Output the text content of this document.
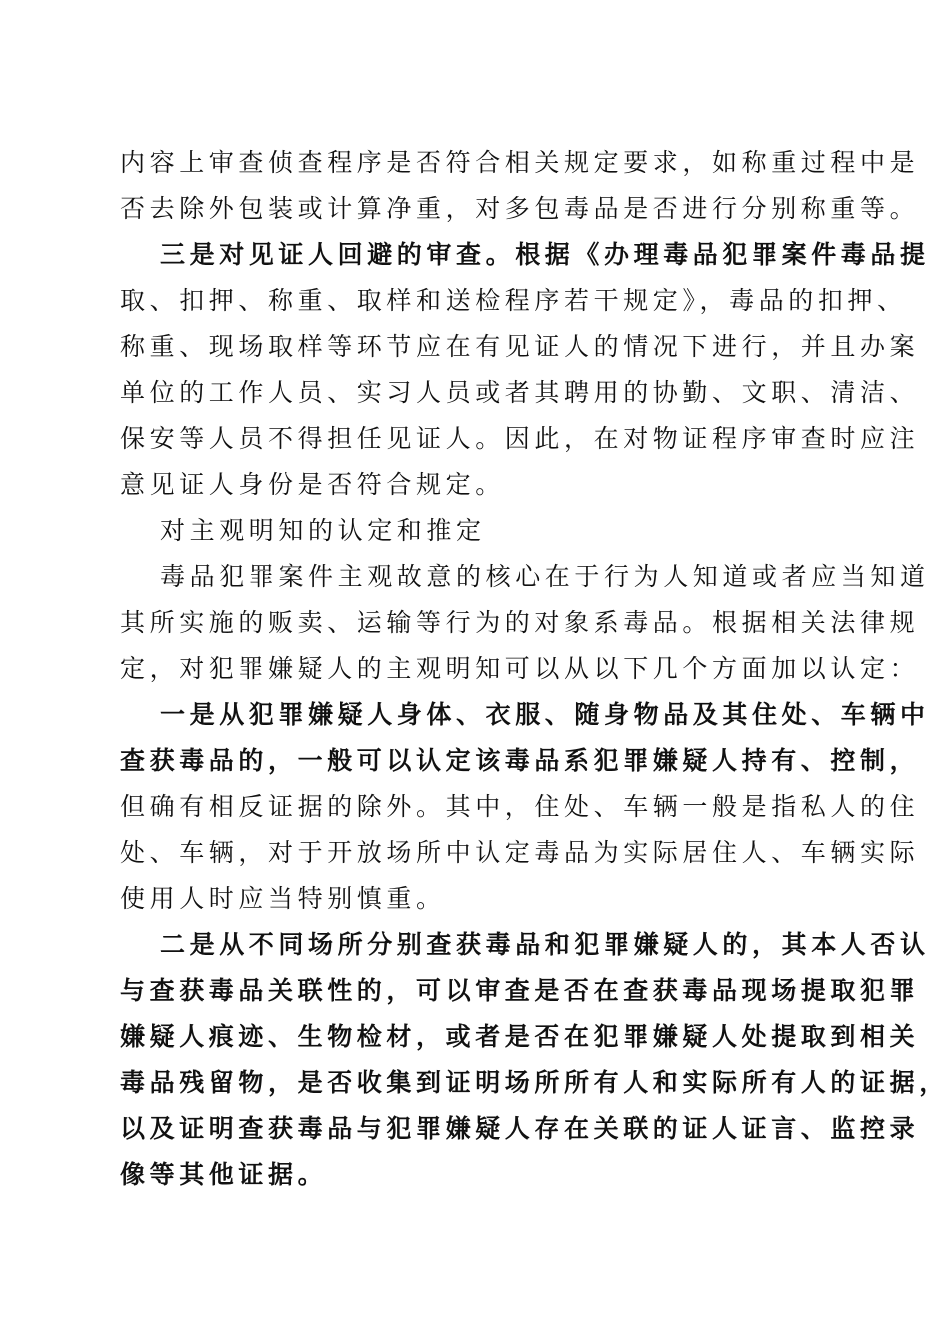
内容上审查侦查程序是否符合相关规定要求，如称重过程中是
否去除外包装或计算净重，对多包毒品是否进行分别称重等。
三是对见证人回避的审查。根据《办理毒品犯罪案件毒品提
取、扣押、称重、取样和送检程序若干规定》，毒品的扣押、
称重、现场取样等环节应在有见证人的情况下进行，并且办案
单位的工作人员、实习人员或者其聘用的协勤、文职、清洁、
保安等人员不得担任见证人。因此，在对物证程序审查时应注
意见证人身份是否符合规定。
对主观明知的认定和推定
毒品犯罪案件主观故意的核心在于行为人知道或者应当知道
其所实施的贩卖、运输等行为的对象系毒品。根据相关法律规
定，对犯罪嫌疑人的主观明知可以从以下几个方面加以认定：
一是从犯罪嫌疑人身体、衣服、随身物品及其住处、车辆中
查获毒品的，一般可以认定该毒品系犯罪嫌疑人持有、控制，
但确有相反证据的除外。其中，住处、车辆一般是指私人的住
处、车辆，对于开放场所中认定毒品为实际居住人、车辆实际
使用人时应当特别慎重。
二是从不同场所分别查获毒品和犯罪嫌疑人的，其本人否认
与查获毒品关联性的，可以审查是否在查获毒品现场提取犯罪
嫌疑人痕迹、生物检材，或者是否在犯罪嫌疑人处提取到相关
毒品残留物，是否收集到证明场所所有人和实际所有人的证据，
以及证明查获毒品与犯罪嫌疑人存在关联的证人证言、监控录
像等其他证据。
